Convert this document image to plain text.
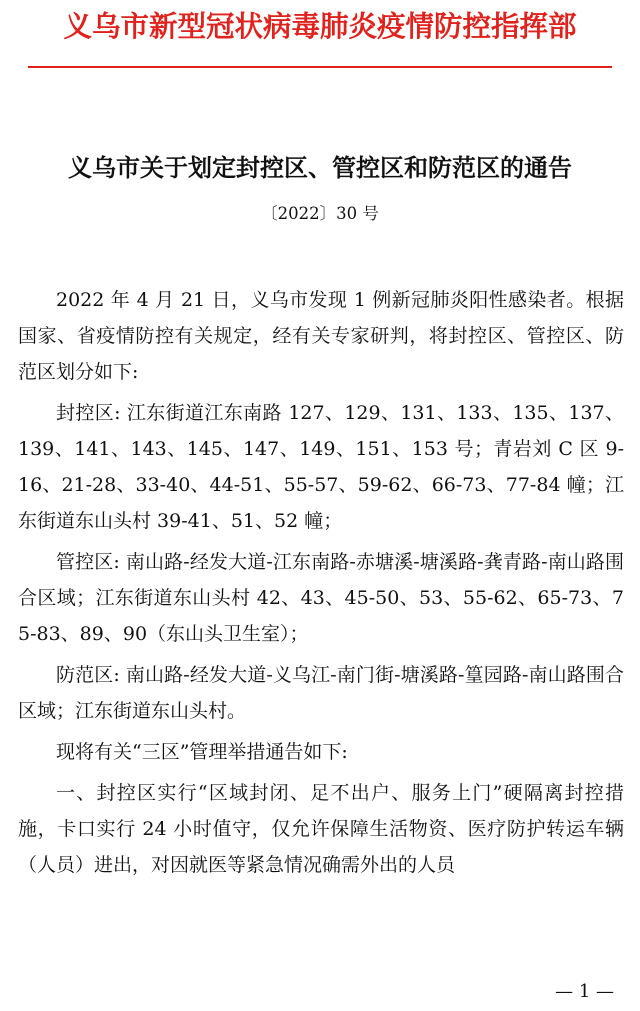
义乌市新型冠状病毒肺炎疫情防控指挥部
义乌市关于划定封控区、管控区和防范区的通告
〔2022〕30 号

2022 年 4 月 21 日，义乌市发现 1 例新冠肺炎阳性感染者。根据国家、省疫情防控有关规定，经有关专家研判，将封控区、管控区、防范区划分如下:

封控区: 江东街道江东南路 127、129、131、133、135、137、139、141、143、145、147、149、151、153 号；青岩刘 C 区 9-16、21-28、33-40、44-51、55-57、59-62、66-73、77-84 幢；江东街道东山头村 39-41、51、52 幢；

管控区: 南山路-经发大道-江东南路-赤塘溪-塘溪路-龚青路-南山路围合区域；江东街道东山头村 42、43、45-50、53、55-62、65-73、75-83、89、90（东山头卫生室）；

防范区: 南山路-经发大道-义乌江-南门街-塘溪路-篁园路-南山路围合区域；江东街道东山头村。

现将有关“三区”管理举措通告如下:

一、封控区实行“区域封闭、足不出户、服务上门”硬隔离封控措施，卡口实行 24 小时值守，仅允许保障生活物资、医疗防护转运车辆（人员）进出，对因就医等紧急情况确需外出的人员

— 1 —
